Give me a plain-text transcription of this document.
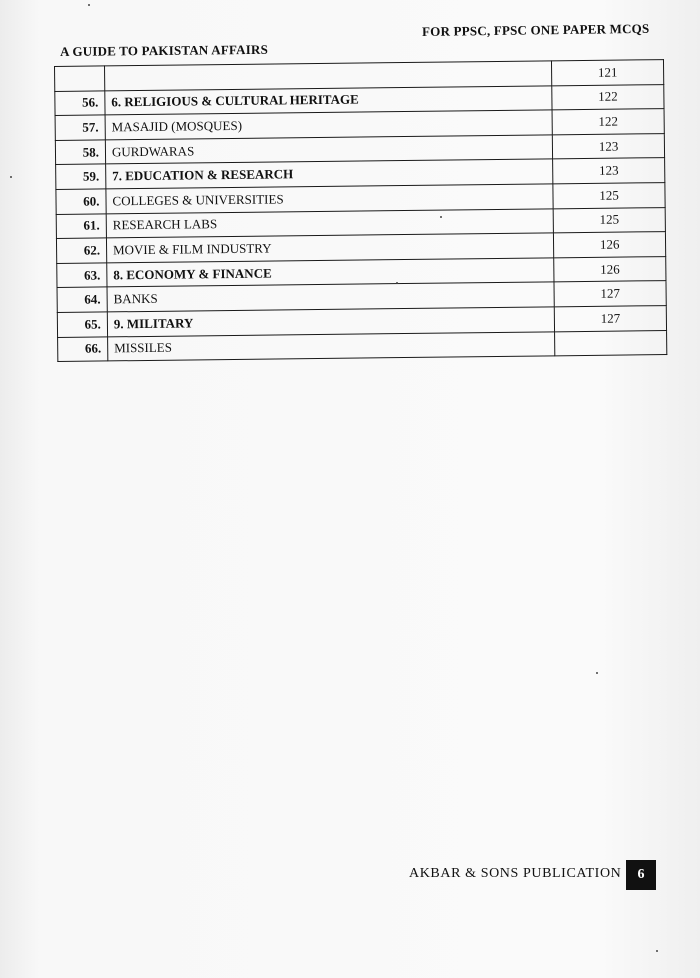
A GUIDE TO PAKISTAN AFFAIRS
FOR PPSC, FPSC ONE PAPER MCQS
		121
56.	6. RELIGIOUS & CULTURAL HERITAGE	122
57.	MASAJID (MOSQUES)	122
58.	GURDWARAS	123
59.	7. EDUCATION & RESEARCH	123
60.	COLLEGES & UNIVERSITIES	125
61.	RESEARCH LABS	125
62.	MOVIE & FILM INDUSTRY	126
63.	8. ECONOMY & FINANCE	126
64.	BANKS	127
65.	9. MILITARY	127
66.	MISSILES	
AKBAR & SONS PUBLICATION 6
